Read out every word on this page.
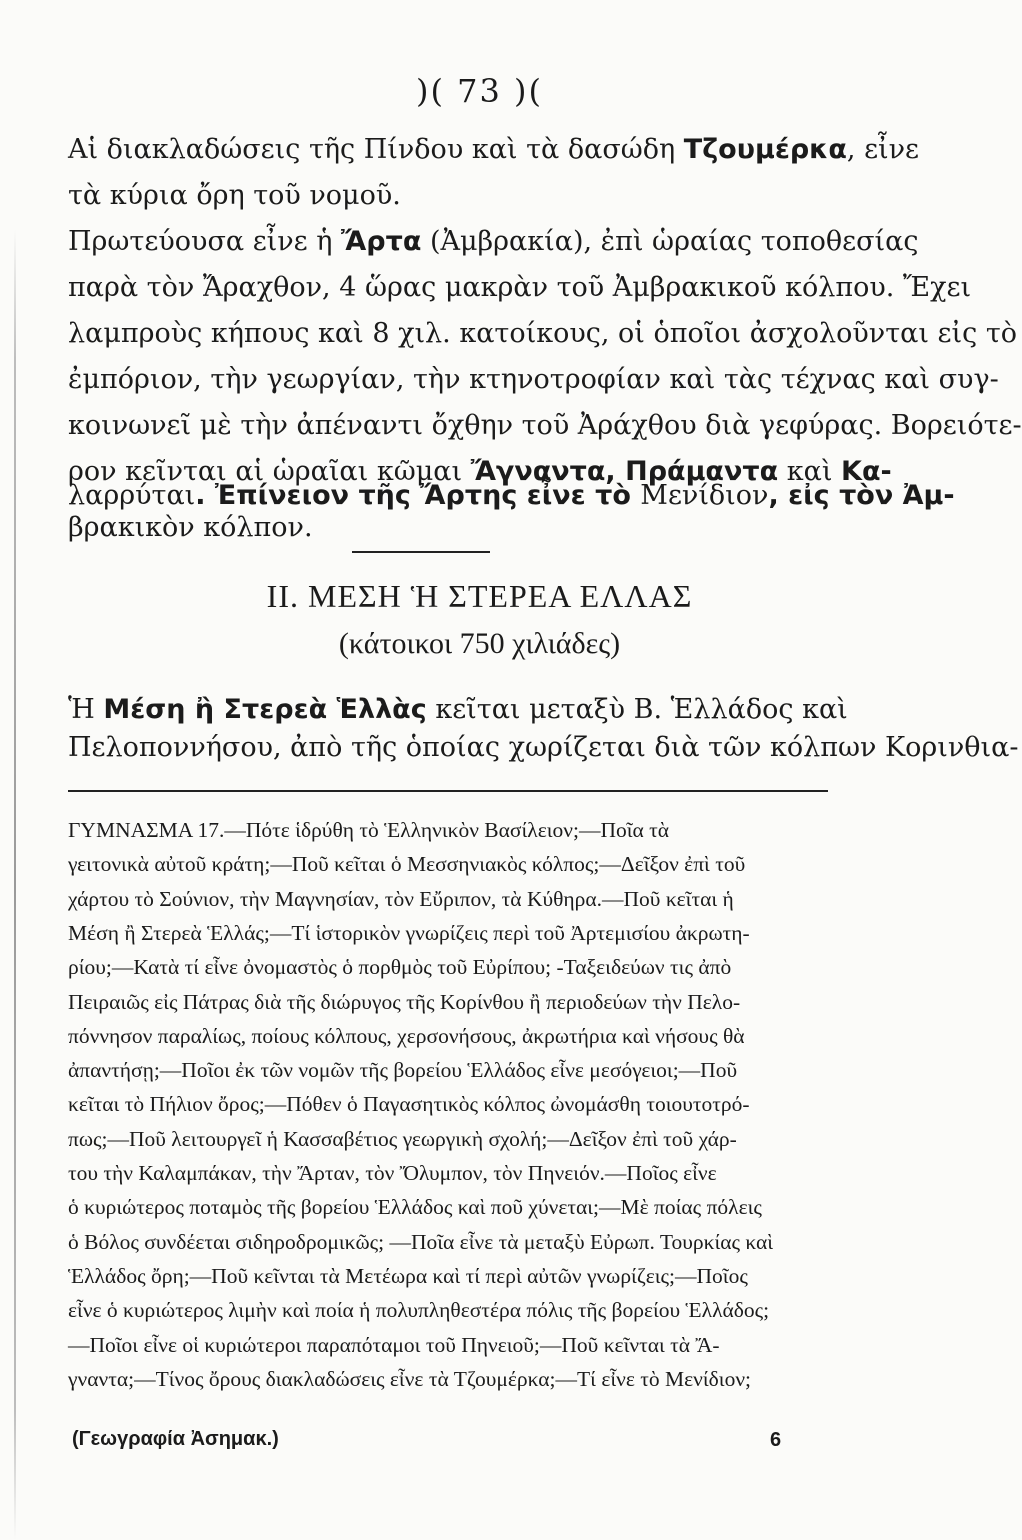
)( 73 )(
Αἱ διακλαδώσεις τῆς Πίνδου καὶ τὰ δασώδη Τζουμέρκα, εἶνε
τὰ κύρια ὄρη τοῦ νομοῦ.
Πρωτεύουσα εἶνε ἡ Ἄρτα (Ἀμβρακία), ἐπὶ ὡραίας τοποθεσίας
παρὰ τὸν Ἄραχθον, 4 ὥρας μακρὰν τοῦ Ἀμβρακικοῦ κόλπου. Ἔχει
λαμπροὺς κήπους καὶ 8 χιλ. κατοίκους, οἱ ὁποῖοι ἀσχολοῦνται εἰς τὸ
ἐμπόριον, τὴν γεωργίαν, τὴν κτηνοτροφίαν καὶ τὰς τέχνας καὶ συγ-
κοινωνεῖ μὲ τὴν ἀπέναντι ὄχθην τοῦ Ἀράχθου διὰ γεφύρας. Βορειότε-
ρον κεῖνται αἱ ὡραῖαι κῶμαι Ἄγναντα, Πράμαντα καὶ Κα-
λαρρύται. Ἐπίνειον τῆς Ἄρτης εἶνε τὸ Μενίδιον, εἰς τὸν Ἀμ-
βρακικὸν κόλπον.
II. ΜΕΣΗ Ἡ ΣΤΕΡΕΑ ΕΛΛΑΣ
(κάτοικοι 750 χιλιάδες)
Ἡ Μέση ἢ Στερεὰ Ἑλλὰς κεῖται μεταξὺ Β. Ἑλλάδος καὶ
Πελοποννήσου, ἀπὸ τῆς ὁποίας χωρίζεται διὰ τῶν κόλπων Κορινθια-
ΓΥΜΝΑΣΜΑ 17.—Πότε ἱδρύθη τὸ Ἑλληνικὸν Βασίλειον;—Ποῖα τὰ
γειτονικὰ αὐτοῦ κράτη;—Ποῦ κεῖται ὁ Μεσσηνιακὸς κόλπος;—Δεῖξον ἐπὶ τοῦ
χάρτου τὸ Σούνιον, τὴν Μαγνησίαν, τὸν Εὔριπον, τὰ Κύθηρα.—Ποῦ κεῖται ἡ
Μέση ἢ Στερεὰ Ἑλλάς;—Τί ἱστορικὸν γνωρίζεις περὶ τοῦ Ἀρτεμισίου ἀκρωτη-
ρίου;—Κατὰ τί εἶνε ὀνομαστὸς ὁ πορθμὸς τοῦ Εὐρίπου; -Ταξειδεύων τις ἀπὸ
Πειραιῶς εἰς Πάτρας διὰ τῆς διώρυγος τῆς Κορίνθου ἢ περιοδεύων τὴν Πελο-
πόννησον παραλίως, ποίους κόλπους, χερσονήσους, ἀκρωτήρια καὶ νήσους θὰ
ἀπαντήσῃ;—Ποῖοι ἐκ τῶν νομῶν τῆς βορείου Ἑλλάδος εἶνε μεσόγειοι;—Ποῦ
κεῖται τὸ Πήλιον ὄρος;—Πόθεν ὁ Παγασητικὸς κόλπος ὠνομάσθη τοιουτοτρό-
πως;—Ποῦ λειτουργεῖ ἡ Κασσαβέτιος γεωργικὴ σχολή;—Δεῖξον ἐπὶ τοῦ χάρ-
του τὴν Καλαμπάκαν, τὴν Ἄρταν, τὸν Ὄλυμπον, τὸν Πηνειόν.—Ποῖος εἶνε
ὁ κυριώτερος ποταμὸς τῆς βορείου Ἑλλάδος καὶ ποῦ χύνεται;—Μὲ ποίας πόλεις
ὁ Βόλος συνδέεται σιδηροδρομικῶς; —Ποῖα εἶνε τὰ μεταξὺ Εὐρωπ. Τουρκίας καὶ
Ἑλλάδος ὄρη;—Ποῦ κεῖνται τὰ Μετέωρα καὶ τί περὶ αὐτῶν γνωρίζεις;—Ποῖος
εἶνε ὁ κυριώτερος λιμὴν καὶ ποία ἡ πολυπληθεστέρα πόλις τῆς βορείου Ἑλλάδος;
—Ποῖοι εἶνε οἱ κυριώτεροι παραπόταμοι τοῦ Πηνειοῦ;—Ποῦ κεῖνται τὰ Ἄ-
γναντα;—Τίνος ὄρους διακλαδώσεις εἶνε τὰ Τζουμέρκα;—Τί εἶνε τὸ Μενίδιον;
(Γεωγραφία Ἀσημακ.)	6
